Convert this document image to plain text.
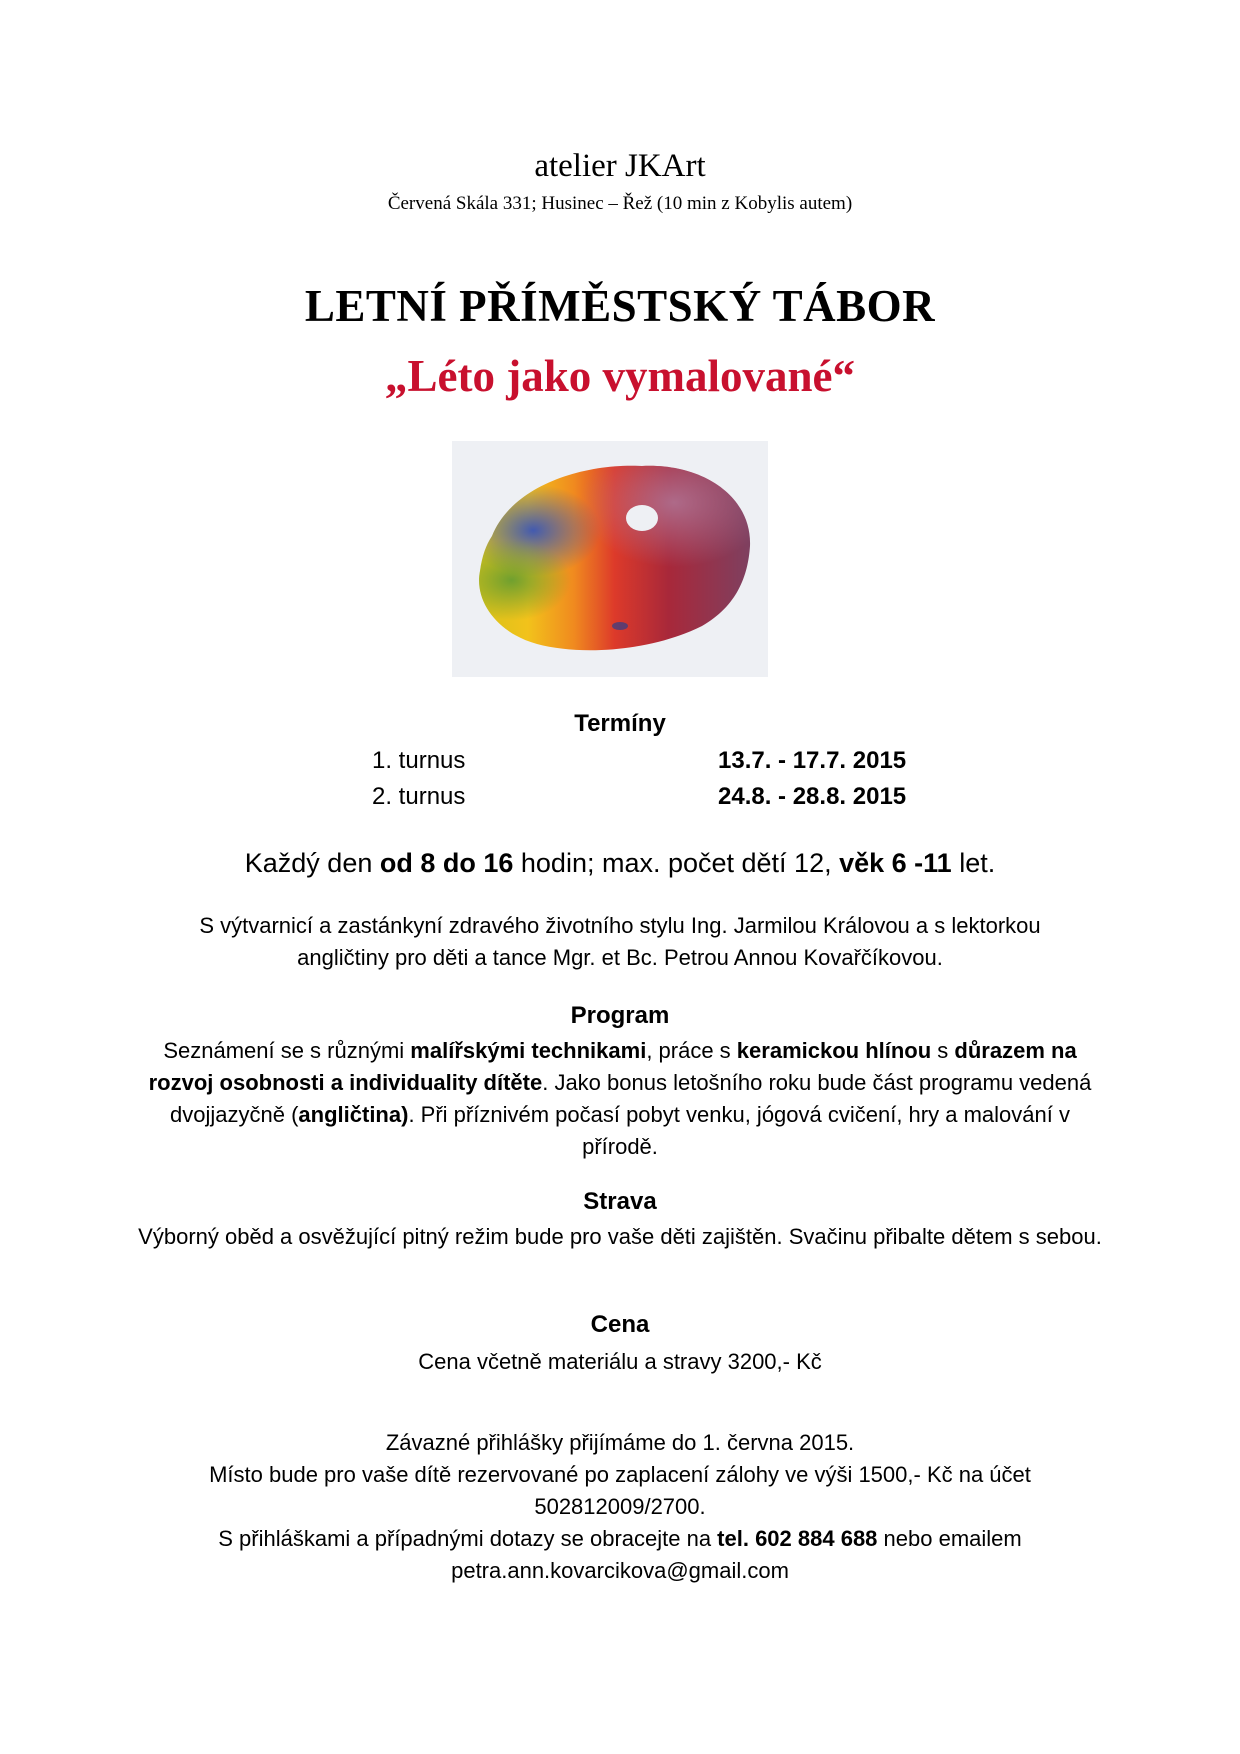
atelier JKArt
Červená Skála 331; Husinec – Řež (10 min z Kobylis autem)
LETNÍ PŘÍMĚSTSKÝ TÁBOR
„Léto jako vymalované“
Termíny
1. turnus	13.7. - 17.7. 2015
2. turnus	24.8. - 28.8. 2015
Každý den od 8 do 16 hodin; max. počet dětí 12, věk 6 -11 let.
S výtvarnicí a zastánkyní zdravého životního stylu Ing. Jarmilou Královou a s lektorkou
angličtiny pro děti a tance Mgr. et Bc. Petrou Annou Kovařčíkovou.
Program
Seznámení se s různými malířskými technikami, práce s keramickou hlínou s důrazem na rozvoj osobnosti a individuality dítěte. Jako bonus letošního roku bude část programu vedená dvojjazyčně (angličtina). Při příznivém počasí pobyt venku, jógová cvičení, hry a malování v přírodě.
Strava
Výborný oběd a osvěžující pitný režim bude pro vaše děti zajištěn. Svačinu přibalte dětem s sebou.
Cena
Cena včetně materiálu a stravy 3200,- Kč
Závazné přihlášky přijímáme do 1. června 2015.
Místo bude pro vaše dítě rezervované po zaplacení zálohy ve výši 1500,- Kč na účet 502812009/2700.
S přihláškami a případnými dotazy se obracejte na tel. 602 884 688 nebo emailem petra.ann.kovarcikova@gmail.com
